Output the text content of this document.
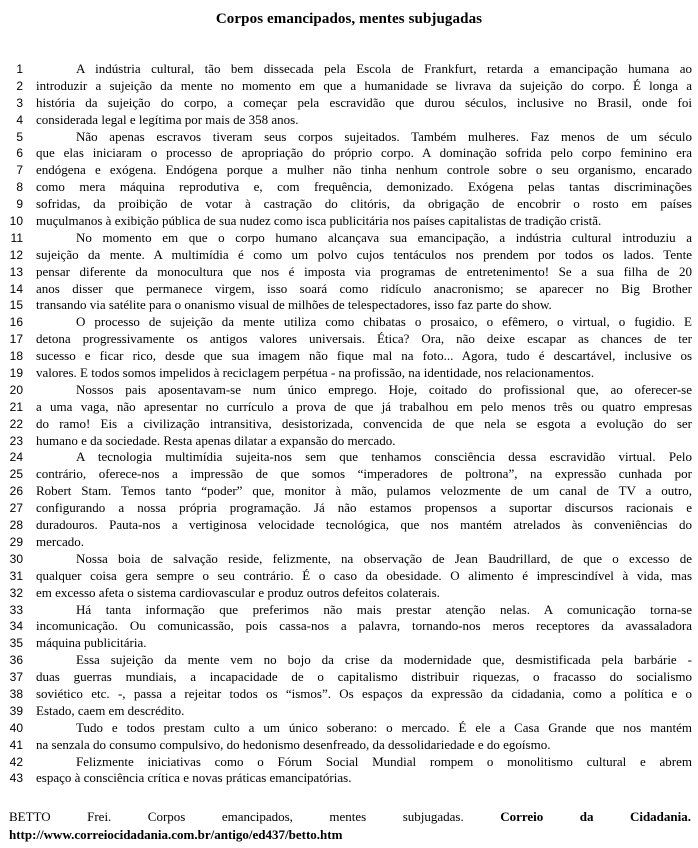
Corpos emancipados, mentes subjugadas
1	A indústria cultural, tão bem dissecada pela Escola de Frankfurt, retarda a emancipação humana ao
2 introduzir a sujeição da mente no momento em que a humanidade se livrava da sujeição do corpo. É longa a
3 história da sujeição do corpo, a começar pela escravidão que durou séculos, inclusive no Brasil, onde foi
4 considerada legal e legítima por mais de 358 anos.
5	Não apenas escravos tiveram seus corpos sujeitados. Também mulheres. Faz menos de um século
6 que elas iniciaram o processo de apropriação do próprio corpo. A dominação sofrida pelo corpo feminino era
7 endógena e exógena. Endógena porque a mulher não tinha nenhum controle sobre o seu organismo, encarado
8 como mera máquina reprodutiva e, com frequência, demonizado. Exógena pelas tantas discriminações
9 sofridas, da proibição de votar à castração do clitóris, da obrigação de encobrir o rosto em países
10 muçulmanos à exibição pública de sua nudez como isca publicitária nos países capitalistas de tradição cristã.
11	No momento em que o corpo humano alcançava sua emancipação, a indústria cultural introduziu a
12 sujeição da mente. A multimídia é como um polvo cujos tentáculos nos prendem por todos os lados. Tente
13 pensar diferente da monocultura que nos é imposta via programas de entretenimento! Se a sua filha de 20
14 anos disser que permanece virgem, isso soará como ridículo anacronismo; se aparecer no Big Brother
15 transando via satélite para o onanismo visual de milhões de telespectadores, isso faz parte do show.
16	O processo de sujeição da mente utiliza como chibatas o prosaico, o efêmero, o virtual, o fugidio. E
17 detona progressivamente os antigos valores universais. Ética? Ora, não deixe escapar as chances de ter
18 sucesso e ficar rico, desde que sua imagem não fique mal na foto... Agora, tudo é descartável, inclusive os
19 valores. E todos somos impelidos à reciclagem perpétua - na profissão, na identidade, nos relacionamentos.
20	Nossos pais aposentavam-se num único emprego. Hoje, coitado do profissional que, ao oferecer-se
21 a uma vaga, não apresentar no currículo a prova de que já trabalhou em pelo menos três ou quatro empresas
22 do ramo! Eis a civilização intransitiva, desistorizada, convencida de que nela se esgota a evolução do ser
23 humano e da sociedade. Resta apenas dilatar a expansão do mercado.
24	A tecnologia multimídia sujeita-nos sem que tenhamos consciência dessa escravidão virtual. Pelo
25 contrário, oferece-nos a impressão de que somos “imperadores de poltrona”, na expressão cunhada por
26 Robert Stam. Temos tanto “poder” que, monitor à mão, pulamos velozmente de um canal de TV a outro,
27 configurando a nossa própria programação. Já não estamos propensos a suportar discursos racionais e
28 duradouros. Pauta-nos a vertiginosa velocidade tecnológica, que nos mantém atrelados às conveniências do
29 mercado.
30	Nossa boia de salvação reside, felizmente, na observação de Jean Baudrillard, de que o excesso de
31 qualquer coisa gera sempre o seu contrário. É o caso da obesidade. O alimento é imprescindível à vida, mas
32 em excesso afeta o sistema cardiovascular e produz outros defeitos colaterais.
33	Há tanta informação que preferimos não mais prestar atenção nelas. A comunicação torna-se
34 incomunicação. Ou comunicassão, pois cassa-nos a palavra, tornando-nos meros receptores da avassaladora
35 máquina publicitária.
36	Essa sujeição da mente vem no bojo da crise da modernidade que, desmistificada pela barbárie -
37 duas guerras mundiais, a incapacidade de o capitalismo distribuir riquezas, o fracasso do socialismo
38 soviético etc. -, passa a rejeitar todos os “ismos”. Os espaços da expressão da cidadania, como a política e o
39 Estado, caem em descrédito.
40	Tudo e todos prestam culto a um único soberano: o mercado. É ele a Casa Grande que nos mantém
41 na senzala do consumo compulsivo, do hedonismo desenfreado, da dessolidariedade e do egoísmo.
42	Felizmente iniciativas como o Fórum Social Mundial rompem o monolitismo cultural e abrem
43 espaço à consciência crítica e novas práticas emancipatórias.

BETTO Frei. Corpos emancipados, mentes subjugadas.	Correio da Cidadania.

http://www.correiocidadania.com.br/antigo/ed437/betto.htm
